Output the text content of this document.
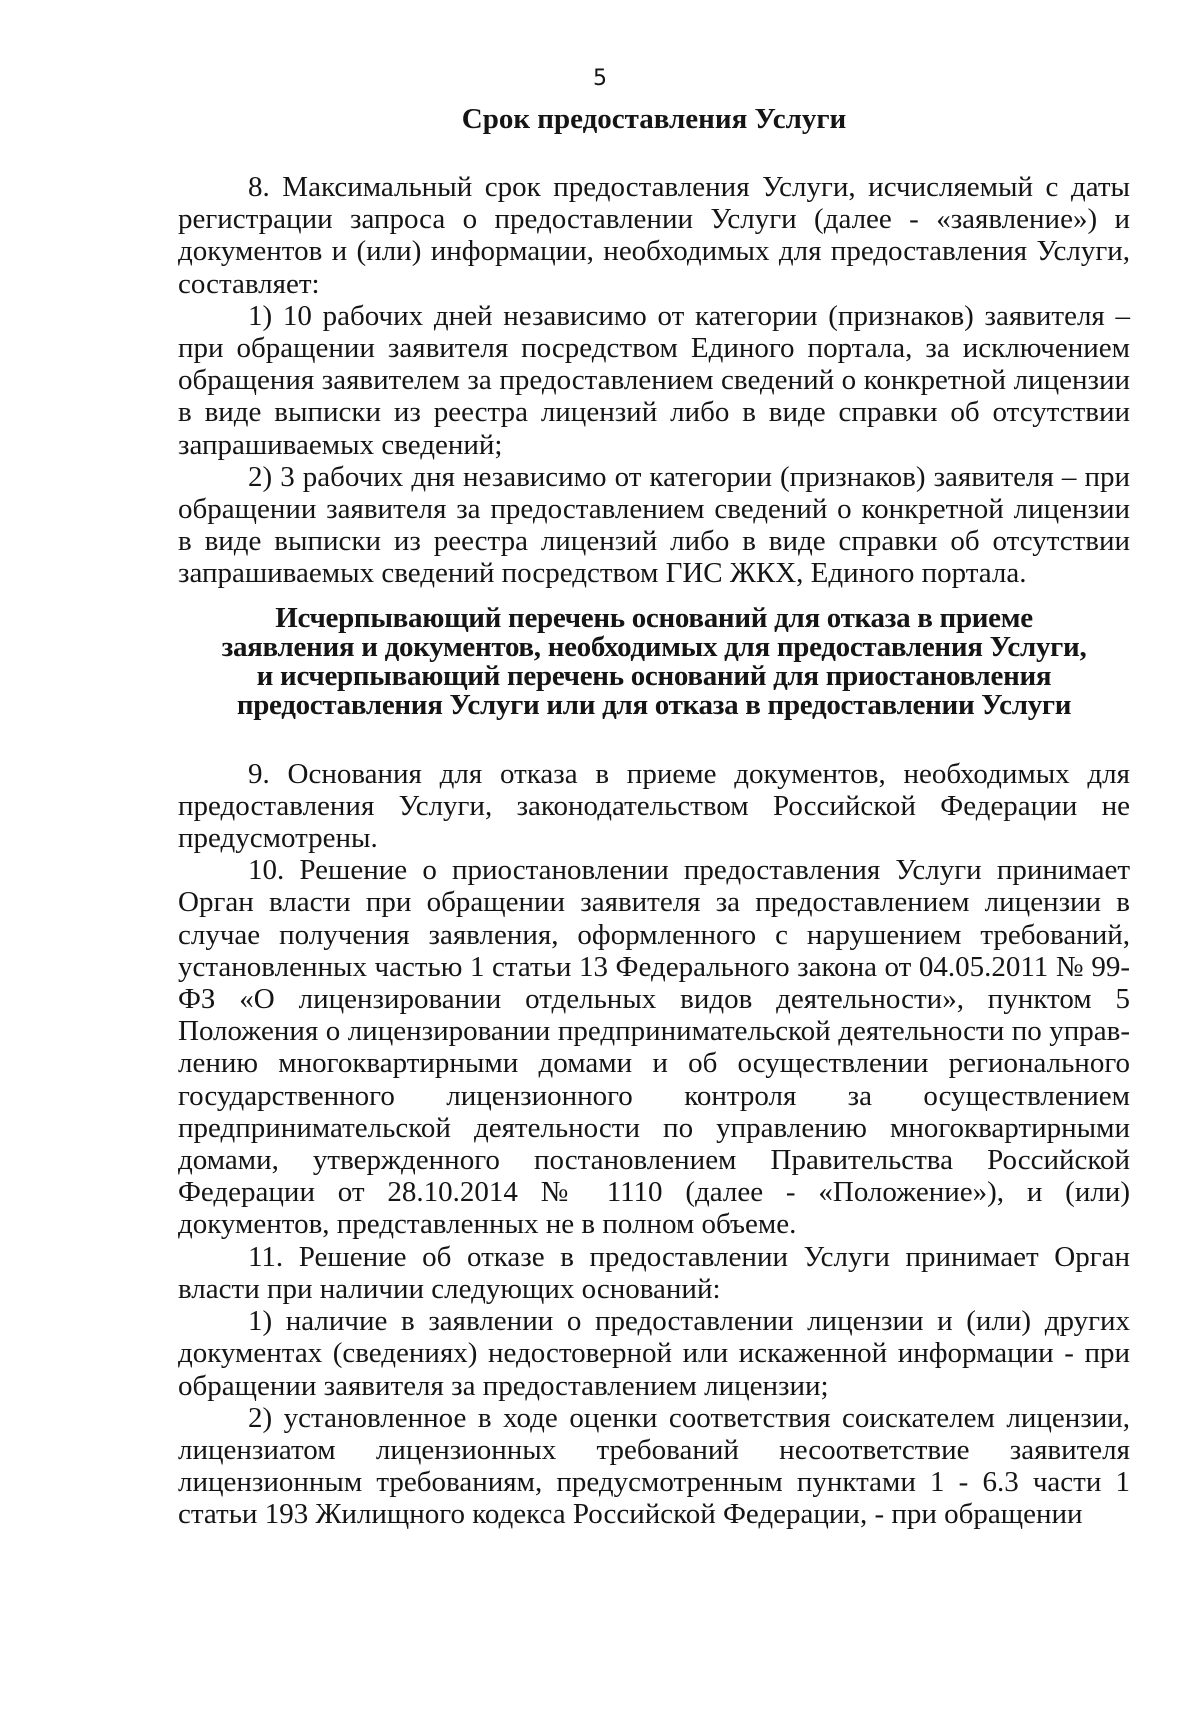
5
Срок предоставления Услуги

8. Максимальный срок предоставления Услуги, исчисляемый с даты регистрации запроса о предоставлении Услуги (далее - «заявление») и документов и (или) информации, необходимых для предоставления Услуги, составляет:

1) 10 рабочих дней независимо от категории (признаков) заявителя – при обращении заявителя посредством Единого портала, за исключением обращения заявителем за предоставлением сведений о конкретной лицензии в виде выписки из реестра лицензий либо в виде справки об отсутствии запрашиваемых сведений;

2) 3 рабочих дня независимо от категории (признаков) заявителя – при обращении заявителя за предоставлением сведений о конкретной лицензии в виде выписки из реестра лицензий либо в виде справки об отсутствии запрашиваемых сведений посредством ГИС ЖКХ, Единого портала.

Исчерпывающий перечень оснований для отказа в приеме
заявления и документов, необходимых для предоставления Услуги,
и исчерпывающий перечень оснований для приостановления
предоставления Услуги или для отказа в предоставлении Услуги

9. Основания для отказа в приеме документов, необходимых для предоставления Услуги, законодательством Российской Федерации не предусмотрены.

10. Решение о приостановлении предоставления Услуги принимает Орган власти при обращении заявителя за предоставлением лицензии в случае получения заявления, оформленного с нарушением требований, установленных частью 1 статьи 13 Федерального закона от 04.05.2011 № 99-ФЗ «О лицензировании отдельных видов деятельности», пунктом 5 Положения о лицензировании предпринимательской деятельности по управлению многоквартирными домами и об осуществлении регионального государственного лицензионного контроля за осуществлением предпринимательской деятельности по управлению многоквартирными домами, утвержденного постановлением Правительства Российской Федерации от 28.10.2014 № 1110 (далее - «Положение»), и (или) документов, представленных не в полном объеме.

11. Решение об отказе в предоставлении Услуги принимает Орган власти при наличии следующих оснований:

1) наличие в заявлении о предоставлении лицензии и (или) других документах (сведениях) недостоверной или искаженной информации - при обращении заявителя за предоставлением лицензии;

2) установленное в ходе оценки соответствия соискателем лицензии, лицензиатом лицензионных требований несоответствие заявителя лицензионным требованиям, предусмотренным пунктами 1 - 6.3 части 1 статьи 193 Жилищного кодекса Российской Федерации, - при обращении
